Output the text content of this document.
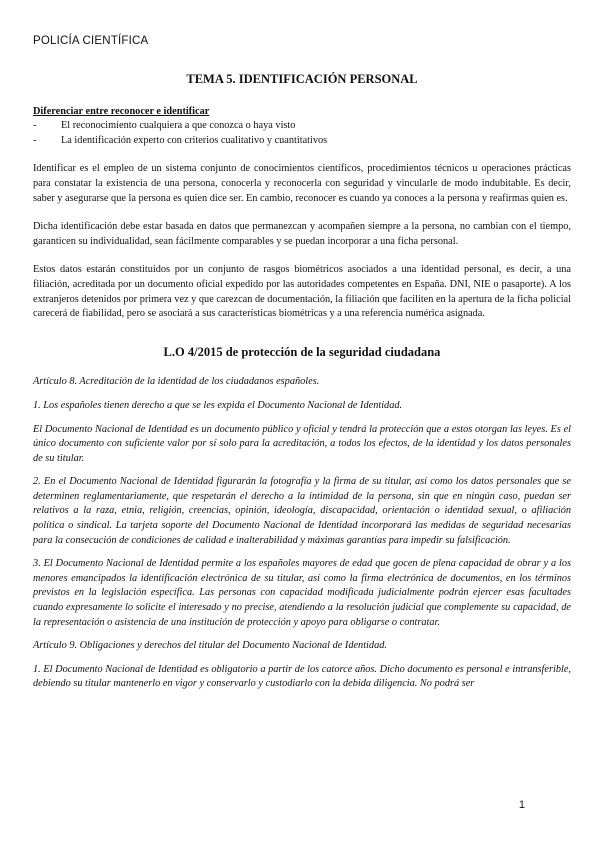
POLICÍA CIENTÍFICA
TEMA 5. IDENTIFICACIÓN PERSONAL
Diferenciar entre reconocer e identificar
-	El reconocimiento cualquiera a que conozca o haya visto
-	La identificación experto con criterios cualitativo y cuantitativos

Identificar es el empleo de un sistema conjunto de conocimientos científicos, procedimientos técnicos u operaciones prácticas para constatar la existencia de una persona, conocerla y reconocerla con seguridad y vincularle de modo indubitable. Es decir, saber y asegurarse que la persona es quien dice ser. En cambio, reconocer es cuando ya conoces a la persona y reafirmas quien es.

Dicha identificación debe estar basada en datos que permanezcan y acompañen siempre a la persona, no cambian con el tiempo, garanticen su individualidad, sean fácilmente comparables y se puedan incorporar a una ficha personal.

Estos datos estarán constituidos por un conjunto de rasgos biométricos asociados a una identidad personal, es decir, a una filiación, acreditada por un documento oficial expedido por las autoridades competentes en España. DNI, NIE o pasaporte). A los extranjeros detenidos por primera vez y que carezcan de documentación, la filiación que faciliten en la apertura de la ficha policial carecerá de fiabilidad, pero se asociará a sus características biométricas y a una referencia numérica asignada.

L.O 4/2015 de protección de la seguridad ciudadana

Artículo 8. Acreditación de la identidad de los ciudadanos españoles.

1. Los españoles tienen derecho a que se les expida el Documento Nacional de Identidad.

El Documento Nacional de Identidad es un documento público y oficial y tendrá la protección que a estos otorgan las leyes. Es el único documento con suficiente valor por sí solo para la acreditación, a todos los efectos, de la identidad y los datos personales de su titular.

2. En el Documento Nacional de Identidad figurarán la fotografía y la firma de su titular, así como los datos personales que se determinen reglamentariamente, que respetarán el derecho a la intimidad de la persona, sin que en ningún caso, puedan ser relativos a la raza, etnia, religión, creencias, opinión, ideología, discapacidad, orientación o identidad sexual, o afiliación política o sindical. La tarjeta soporte del Documento Nacional de Identidad incorporará las medidas de seguridad necesarias para la consecución de condiciones de calidad e inalterabilidad y máximas garantías para impedir su falsificación.

3. El Documento Nacional de Identidad permite a los españoles mayores de edad que gocen de plena capacidad de obrar y a los menores emancipados la identificación electrónica de su titular, así como la firma electrónica de documentos, en los términos previstos en la legislación específica. Las personas con capacidad modificada judicialmente podrán ejercer esas facultades cuando expresamente lo solicite el interesado y no precise, atendiendo a la resolución judicial que complemente su capacidad, de la representación o asistencia de una institución de protección y apoyo para obligarse o contratar.

Artículo 9. Obligaciones y derechos del titular del Documento Nacional de Identidad.

1. El Documento Nacional de Identidad es obligatorio a partir de los catorce años. Dicho documento es personal e intransferible, debiendo su titular mantenerlo en vigor y conservarlo y custodiarlo con la debida diligencia. No podrá ser

1
